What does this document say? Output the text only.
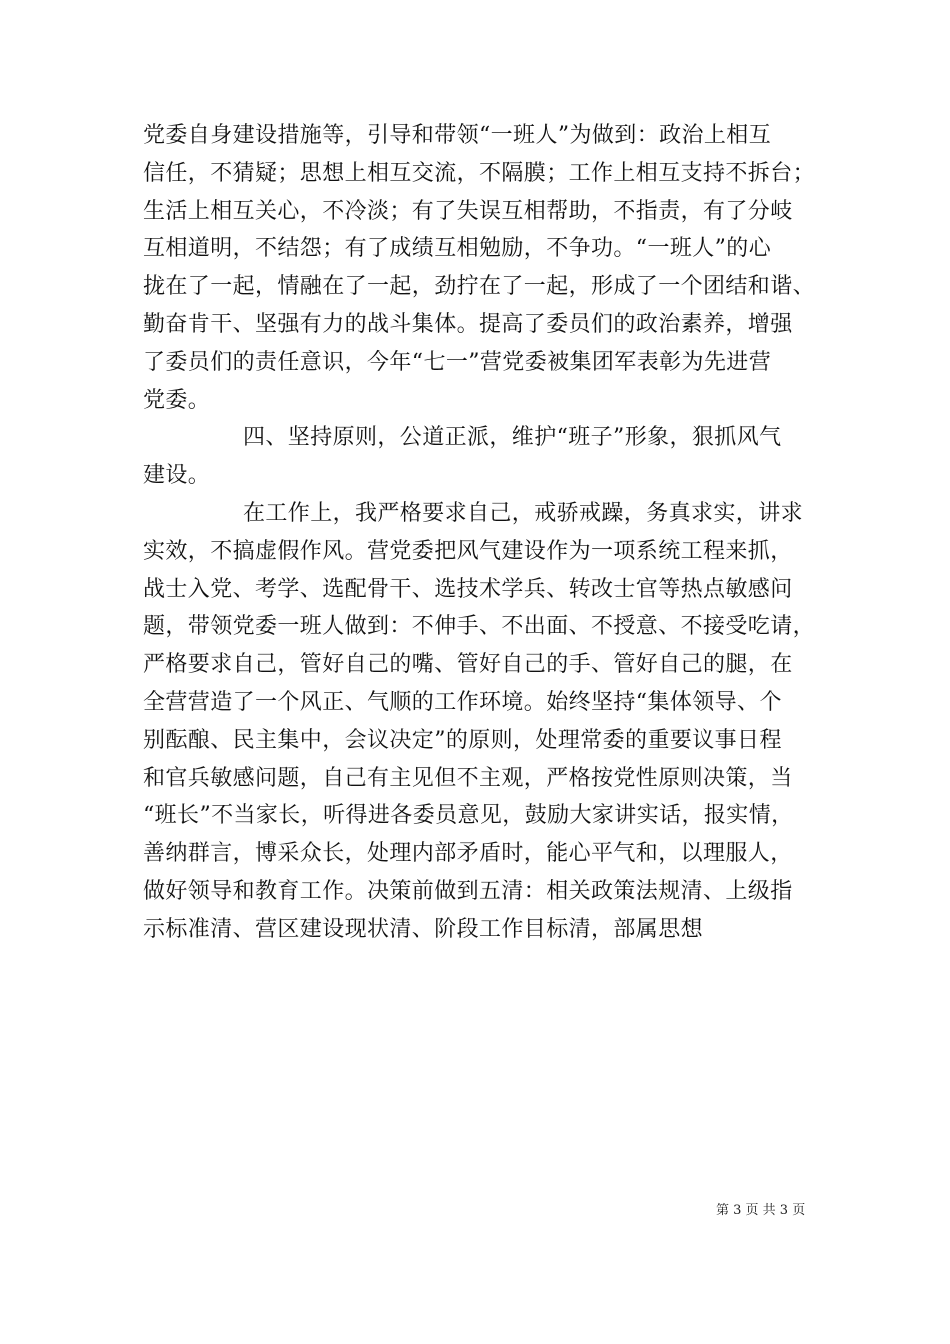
党委自身建设措施等，引导和带领“一班人”为做到：政治上相互
信任，不猜疑；思想上相互交流，不隔膜；工作上相互支持不拆台；
生活上相互关心，不冷淡；有了失误互相帮助，不指责，有了分岐
互相道明，不结怨；有了成绩互相勉励，不争功。“一班人”的心
拢在了一起，情融在了一起，劲拧在了一起，形成了一个团结和谐、
勤奋肯干、坚强有力的战斗集体。提高了委员们的政治素养，增强
了委员们的责任意识，今年“七一”营党委被集团军表彰为先进营
党委。
四、坚持原则，公道正派，维护“班子”形象，狠抓风气
建设。
在工作上，我严格要求自己，戒骄戒躁，务真求实，讲求
实效，不搞虚假作风。营党委把风气建设作为一项系统工程来抓，
战士入党、考学、选配骨干、选技术学兵、转改士官等热点敏感问
题，带领党委一班人做到：不伸手、不出面、不授意、不接受吃请，
严格要求自己，管好自己的嘴、管好自己的手、管好自己的腿，在
全营营造了一个风正、气顺的工作环境。始终坚持“集体领导、个
别酝酿、民主集中，会议决定”的原则，处理常委的重要议事日程
和官兵敏感问题，自己有主见但不主观，严格按党性原则决策，当
“班长”不当家长，听得进各委员意见，鼓励大家讲实话，报实情，
善纳群言，博采众长，处理内部矛盾时，能心平气和，以理服人，
做好领导和教育工作。决策前做到五清：相关政策法规清、上级指
示标准清、营区建设现状清、阶段工作目标清，部属思想
第 3 页 共 3 页
